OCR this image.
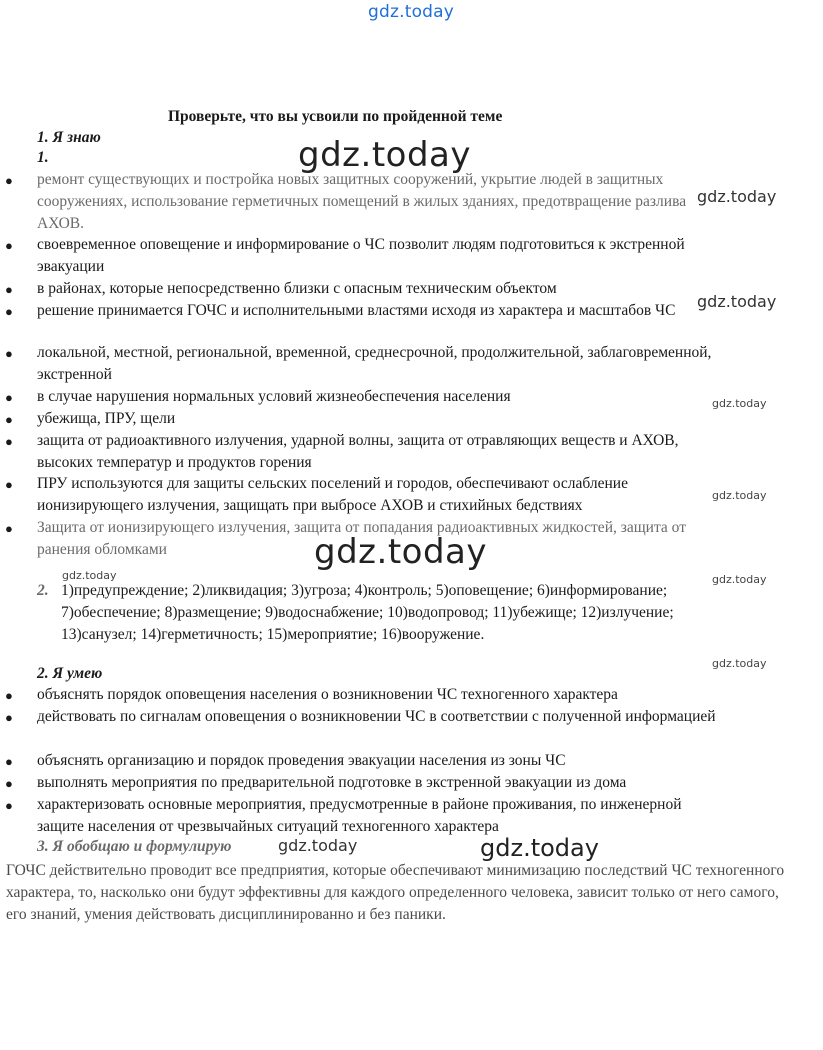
gdz.today
Проверьте, что вы усвоили по пройденной теме
1. Я знаю
1.
● ремонт существующих и постройка новых защитных сооружений, укрытие людей в защитных сооружениях, использование герметичных помещений в жилых зданиях, предотвращение разлива АХОВ.
● своевременное оповещение и информирование о ЧС позволит людям подготовиться к экстренной эвакуации
● в районах, которые непосредственно близки с опасным техническим объектом
● решение принимается ГОЧС и исполнительными властями исходя из характера и масштабов ЧС
● локальной, местной, региональной, временной, среднесрочной, продолжительной, заблаговременной, экстренной
● в случае нарушения нормальных условий жизнеобеспечения населения
● убежища, ПРУ, щели
● защита от радиоактивного излучения, ударной волны, защита от отравляющих веществ и АХОВ, высоких температур и продуктов горения
● ПРУ используются для защиты сельских поселений и городов, обеспечивают ослабление ионизирующего излучения, защищать при выбросе АХОВ и стихийных бедствиях
● Защита от ионизирующего излучения, защита от попадания радиоактивных жидкостей, защита от ранения обломками
2. 1)предупреждение; 2)ликвидация; 3)угроза; 4)контроль; 5)оповещение; 6)информирование; 7)обеспечение; 8)размещение; 9)водоснабжение; 10)водопровод; 11)убежище; 12)излучение; 13)санузел; 14)герметичность; 15)мероприятие; 16)вооружение.
2. Я умею
● объяснять порядок оповещения населения о возникновении ЧС техногенного характера
● действовать по сигналам оповещения о возникновении ЧС в соответствии с полученной информацией
● объяснять организацию и порядок проведения эвакуации населения из зоны ЧС
● выполнять мероприятия по предварительной подготовке в экстренной эвакуации из дома
● характеризовать основные мероприятия, предусмотренные в районе проживания, по инженерной защите населения от чрезвычайных ситуаций техногенного характера
3. Я обобщаю и формулирую
ГОЧС действительно проводит все предприятия, которые обеспечивают минимизацию последствий ЧС техногенного характера, то, насколько они будут эффективны для каждого определенного человека, зависит только от него самого, его знаний, умения действовать дисциплинированно и без паники.
gdz.today
gdz.today
gdz.today
gdz.today
gdz.today	gdz.today
gdz.today
gdz.today
gdz.today	gdz.today
gdz.today
